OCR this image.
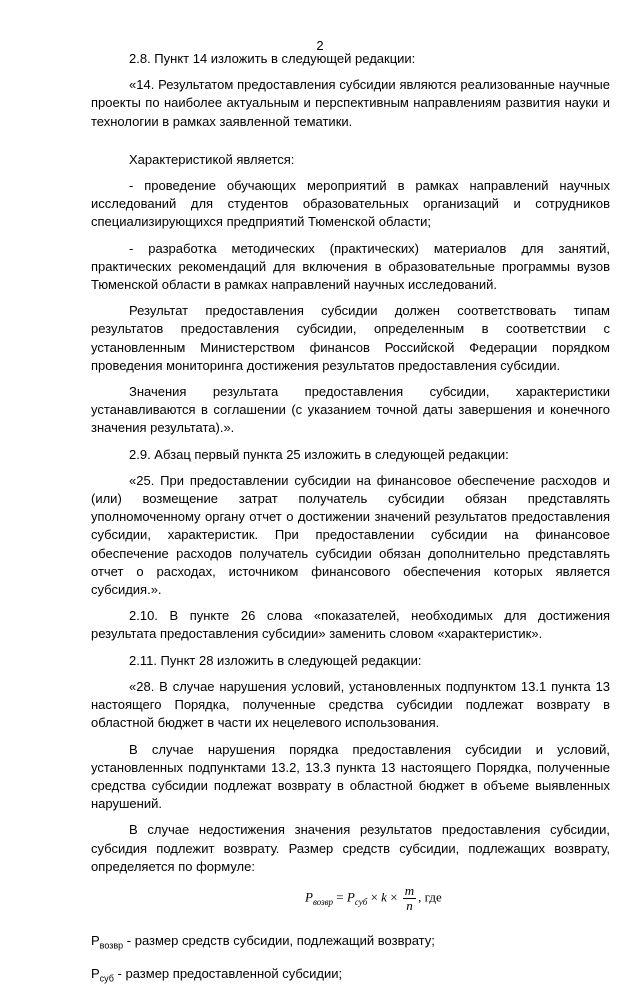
2

2.8. Пункт 14 изложить в следующей редакции:

«14. Результатом предоставления субсидии являются реализованные научные проекты по наиболее актуальным и перспективным направлениям развития науки и технологии в рамках заявленной тематики.

Характеристикой является:

- проведение обучающих мероприятий в рамках направлений научных исследований для студентов образовательных организаций и сотрудников специализирующихся предприятий Тюменской области;

- разработка методических (практических) материалов для занятий, практических рекомендаций для включения в образовательные программы вузов Тюменской области в рамках направлений научных исследований.

Результат предоставления субсидии должен соответствовать типам результатов предоставления субсидии, определенным в соответствии с установленным Министерством финансов Российской Федерации порядком проведения мониторинга достижения результатов предоставления субсидии.

Значения результата предоставления субсидии, характеристики устанавливаются в соглашении (с указанием точной даты завершения и конечного значения результата).».

2.9. Абзац первый пункта 25 изложить в следующей редакции:

«25. При предоставлении субсидии на финансовое обеспечение расходов и (или) возмещение затрат получатель субсидии обязан представлять уполномоченному органу отчет о достижении значений результатов предоставления субсидии, характеристик. При предоставлении субсидии на финансовое обеспечение расходов получатель субсидии обязан дополнительно представлять отчет о расходах, источником финансового обеспечения которых является субсидия.».

2.10. В пункте 26 слова «показателей, необходимых для достижения результата предоставления субсидии» заменить словом «характеристик».

2.11. Пункт 28 изложить в следующей редакции:

«28. В случае нарушения условий, установленных подпунктом 13.1 пункта 13 настоящего Порядка, полученные средства субсидии подлежат возврату в областной бюджет в части их нецелевого использования.

В случае нарушения порядка предоставления субсидии и условий, установленных подпунктами 13.2, 13.3 пункта 13 настоящего Порядка, полученные средства субсидии подлежат возврату в областной бюджет в объеме выявленных нарушений.

В случае недостижения значения результатов предоставления субсидии, субсидия подлежит возврату. Размер средств субсидии, подлежащих возврату, определяется по формуле:

$P_{возвр} = P_{суб} \times k \times \frac{m}{n}$ , где

$P_{возвр}$ - размер средств субсидии, подлежащий возврату;

$P_{суб}$ - размер предоставленной субсидии;
